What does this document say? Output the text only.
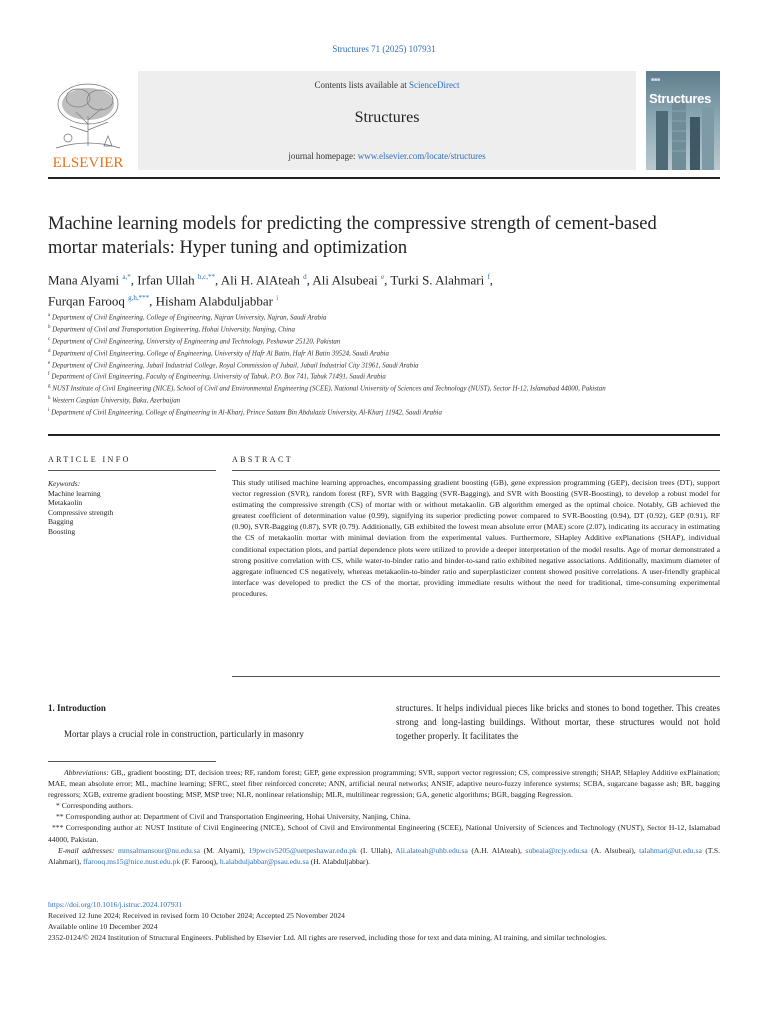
Structures 71 (2025) 107931
ELSEVIER
Contents lists available at ScienceDirect
Structures
journal homepage: www.elsevier.com/locate/structures
■■■
Structures
Machine learning models for predicting the compressive strength of cement-based mortar materials: Hyper tuning and optimization
Mana Alyami $^{a,*}$, Irfan Ullah $^{b,c,**}$, Ali H. AlAteah $^d$, Ali Alsubeai $^e$, Turki S. Alahmari $^f$,
Furqan Farooq $^{g,h,***}$, Hisham Alabduljabbar $^i$
$^a$ Department of Civil Engineering, College of Engineering, Najran University, Najran, Saudi Arabia
$^b$ Department of Civil and Transportation Engineering, Hohai University, Nanjing, China
$^c$ Department of Civil Engineering, University of Engineering and Technology, Peshawar 25120, Pakistan
$^d$ Department of Civil Engineering, College of Engineering, University of Hafr Al Batin, Hafr Al Batin 39524, Saudi Arabia
$^e$ Department of Civil Engineering, Jubail Industrial College, Royal Commission of Jubail, Jubail Industrial City 31961, Saudi Arabia
$^f$ Department of Civil Engineering, Faculty of Engineering, University of Tabuk, P.O. Box 741, Tabuk 71491, Saudi Arabia
$^g$ NUST Institute of Civil Engineering (NICE), School of Civil and Environmental Engineering (SCEE), National University of Sciences and Technology (NUST), Sector H-12, Islamabad 44000, Pakistan
$^h$ Western Caspian University, Baku, Azerbaijan
$^i$ Department of Civil Engineering, College of Engineering in Al-Kharj, Prince Sattam Bin Abdulaziz University, Al-Kharj 11942, Saudi Arabia
ARTICLE INFO
Keywords:
Machine learning
Metakaolin
Compressive strength
Bagging
Boosting
ABSTRACT
This study utilised machine learning approaches, encompassing gradient boosting (GB), gene expression programming (GEP), decision trees (DT), support vector regression (SVR), random forest (RF), SVR with Bagging (SVR-Bagging), and SVR with Boosting (SVR-Boosting), to develop a robust model for estimating the compressive strength (CS) of mortar with or without metakaolin. GB algorithm emerged as the optimal choice. Notably, GB achieved the greatest coefficient of determination value (0.99), signifying its superior predicting power compared to SVR-Boosting (0.94), DT (0.92), GEP (0.91), RF (0.90), SVR-Bagging (0.87), SVR (0.79). Additionally, GB exhibited the lowest mean absolute error (MAE) score (2.07), indicating its accuracy in estimating the CS of metakaolin mortar with minimal deviation from the experimental values. Furthermore, SHapley Additive exPlanations (SHAP), individual conditional expectation plots, and partial dependence plots were utilized to provide a deeper interpretation of the model results. Age of mortar demonstrated a strong positive correlation with CS, while water-to-binder ratio and binder-to-sand ratio exhibited negative associations. Additionally, maximum diameter of aggregate influenced CS negatively, whereas metakaolin-to-binder ratio and superplasticizer content showed positive correlations. A user-friendly graphical interface was developed to predict the CS of the mortar, providing immediate results without the need for traditional, time-consuming experimental procedures.
1. Introduction
Mortar plays a crucial role in construction, particularly in masonry
structures. It helps individual pieces like bricks and stones to bond together. This creates strong and long-lasting buildings. Without mortar, these structures would not hold together properly. It facilitates the
Abbreviations: GB,, gradient boosting; DT, decision trees; RF, random forest; GEP, gene expression programming; SVR, support vector regression; CS, compressive strength; SHAP, SHapley Additive exPlaination; MAE, mean absolute error; ML, machine learning; SFRC, steel fiber reinforced concrete; ANN, artificial neural networks; ANSIF, adaptive neuro-fuzzy inference systems; SCBA, sugarcane bagasse ash; BR, bagging regressors; XGB, extreme gradient boosting; MSP, MSP tree; NLR, nonlinear relationship; MLR, multilinear regression; GA, genetic algorithms; BGR, bagging Regression.
* Corresponding authors.
** Corresponding author at: Department of Civil and Transportation Engineering, Hohai University, Nanjing, China.
*** Corresponding author at: NUST Institute of Civil Engineering (NICE), School of Civil and Environmental Engineering (SCEE), National University of Sciences and Technology (NUST), Sector H-12, Islamabad 44000, Pakistan.
E-mail addresses: mmsalmansour@nu.edu.sa (M. Alyami), 19pwciv5205@uetpeshawar.edu.pk (I. Ullah), Ali.alateah@uhb.edu.sa (A.H. AlAteah), subeaia@rcjy.edu.sa (A. Alsubeai), talahmari@ut.edu.sa (T.S. Alahmari), ffarooq.ms15@nice.nust.edu.pk (F. Farooq), h.alabduljabbar@psau.edu.sa (H. Alabduljabbar).
https://doi.org/10.1016/j.istruc.2024.107931
Received 12 June 2024; Received in revised form 10 October 2024; Accepted 25 November 2024
Available online 10 December 2024
2352-0124/© 2024 Institution of Structural Engineers. Published by Elsevier Ltd. All rights are reserved, including those for text and data mining, AI training, and similar technologies.
